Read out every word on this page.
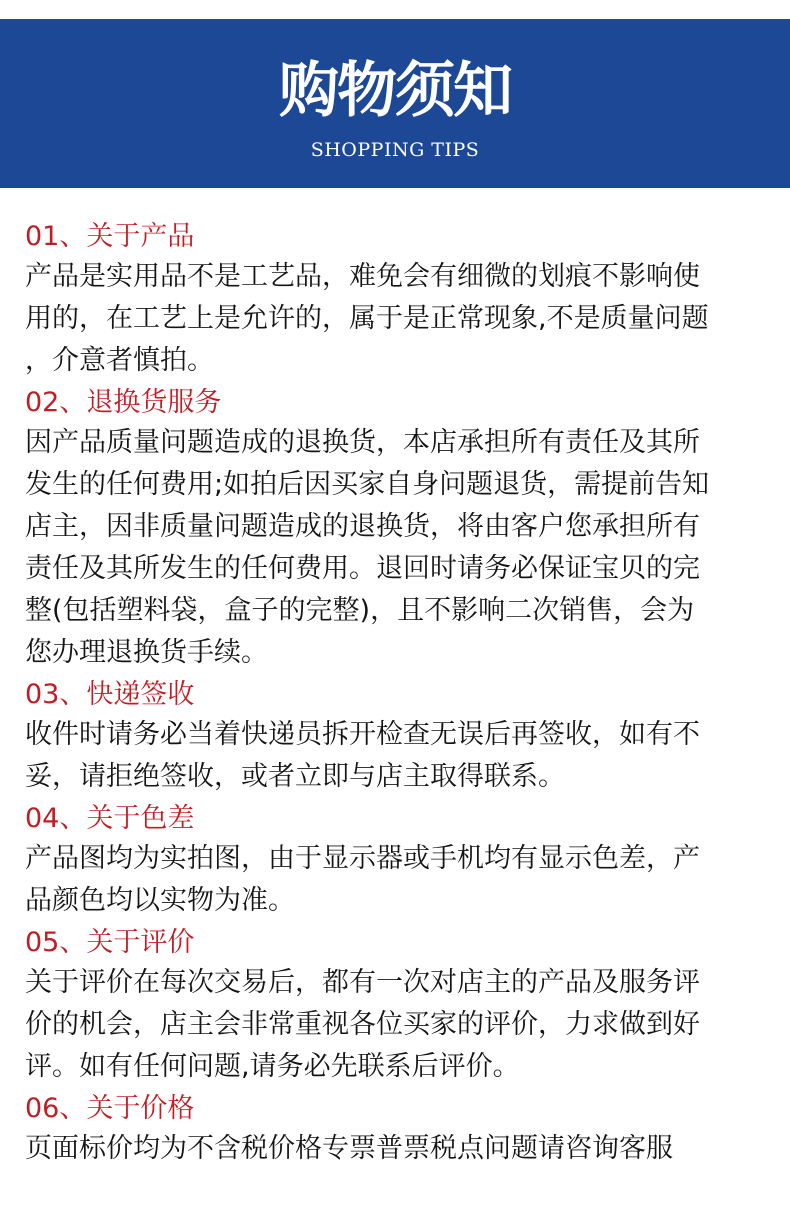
购物须知
SHOPPING TIPS
01、关于产品
产品是实用品不是工艺品，难免会有细微的划痕不影响使
用的，在工艺上是允许的，属于是正常现象,不是质量问题
，介意者慎拍。
02、退换货服务
因产品质量问题造成的退换货，本店承担所有责任及其所
发生的任何费用;如拍后因买家自身问题退货，需提前告知
店主，因非质量问题造成的退换货，将由客户您承担所有
责任及其所发生的任何费用。退回时请务必保证宝贝的完
整(包括塑料袋，盒子的完整)，且不影响二次销售，会为
您办理退换货手续。
03、快递签收
收件时请务必当着快递员拆开检查无误后再签收，如有不
妥，请拒绝签收，或者立即与店主取得联系。
04、关于色差
产品图均为实拍图，由于显示器或手机均有显示色差，产
品颜色均以实物为准。
05、关于评价
关于评价在每次交易后，都有一次对店主的产品及服务评
价的机会，店主会非常重视各位买家的评价，力求做到好
评。如有任何问题,请务必先联系后评价。
06、关于价格
页面标价均为不含税价格专票普票税点问题请咨询客服
